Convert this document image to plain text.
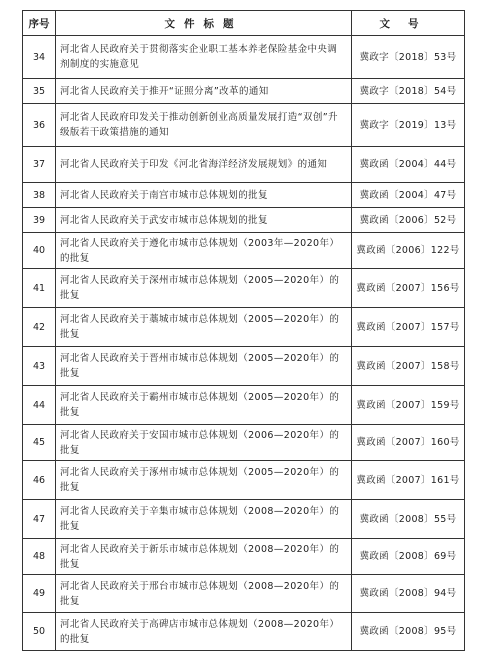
序号	文件标题	文号
34	河北省人民政府关于贯彻落实企业职工基本养老保险基金中央调剂制度的实施意见	冀政字〔2018〕53号
35	河北省人民政府关于推开“证照分离”改革的通知	冀政字〔2018〕54号
36	河北省人民政府印发关于推动创新创业高质量发展打造“双创”升级版若干政策措施的通知	冀政字〔2019〕13号
37	河北省人民政府关于印发《河北省海洋经济发展规划》的通知	冀政函〔2004〕44号
38	河北省人民政府关于南宫市城市总体规划的批复	冀政函〔2004〕47号
39	河北省人民政府关于武安市城市总体规划的批复	冀政函〔2006〕52号
40	河北省人民政府关于遵化市城市总体规划（2003年—2020年）的批复	冀政函〔2006〕122号
41	河北省人民政府关于深州市城市总体规划（2005—2020年）的批复	冀政函〔2007〕156号
42	河北省人民政府关于藁城市城市总体规划（2005—2020年）的批复	冀政函〔2007〕157号
43	河北省人民政府关于晋州市城市总体规划（2005—2020年）的批复	冀政函〔2007〕158号
44	河北省人民政府关于霸州市城市总体规划（2005—2020年）的批复	冀政函〔2007〕159号
45	河北省人民政府关于安国市城市总体规划（2006—2020年）的批复	冀政函〔2007〕160号
46	河北省人民政府关于涿州市城市总体规划（2005—2020年）的批复	冀政函〔2007〕161号
47	河北省人民政府关于辛集市城市总体规划（2008—2020年）的批复	冀政函〔2008〕55号
48	河北省人民政府关于新乐市城市总体规划（2008—2020年）的批复	冀政函〔2008〕69号
49	河北省人民政府关于邢台市城市总体规划（2008—2020年）的批复	冀政函〔2008〕94号
50	河北省人民政府关于高碑店市城市总体规划（2008—2020年）的批复	冀政函〔2008〕95号
